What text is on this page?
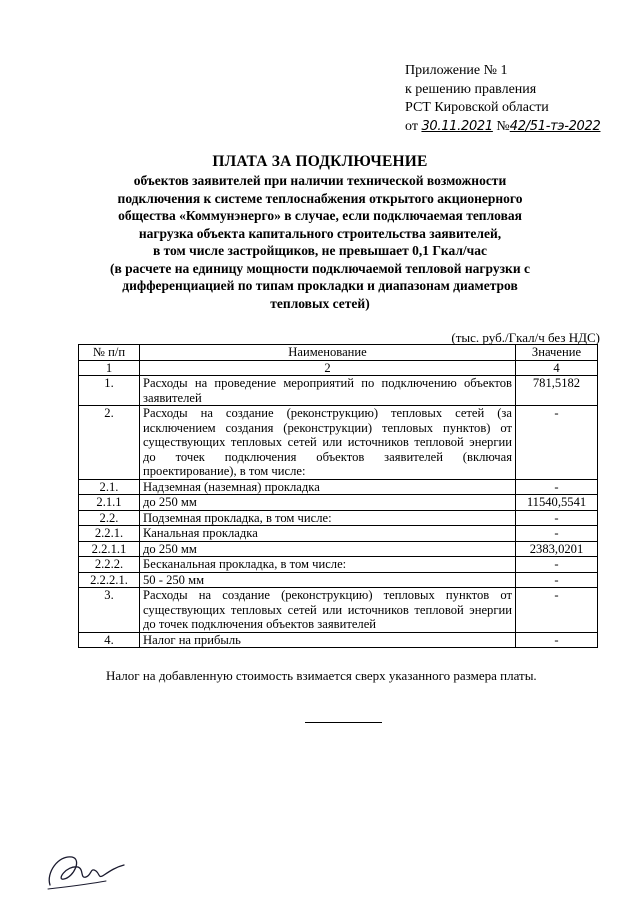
Приложение № 1
к решению правления
РСТ Кировской области
от 30.11.2021 №42/51-тэ-2022
ПЛАТА ЗА ПОДКЛЮЧЕНИЕ
объектов заявителей при наличии технической возможности
подключения к системе теплоснабжения открытого акционерного
общества «Коммунэнерго» в случае, если подключаемая тепловая
нагрузка объекта капитального строительства заявителей,
в том числе застройщиков, не превышает 0,1 Гкал/час
(в расчете на единицу мощности подключаемой тепловой нагрузки с
дифференциацией по типам прокладки и диапазонам диаметров
тепловых сетей)
(тыс. руб./Гкал/ч без НДС)
№ п/п	Наименование	Значение
1	2	4
1.	Расходы на проведение мероприятий по подключению объектов заявителей	781,5182
2.	Расходы на создание (реконструкцию) тепловых сетей (за исключением создания (реконструкции) тепловых пунктов) от существующих тепловых сетей или источников тепловой энергии до точек подключения объектов заявителей (включая проектирование), в том числе:	-
2.1.	Надземная (наземная) прокладка	-
2.1.1	до 250 мм	11540,5541
2.2.	Подземная прокладка, в том числе:	-
2.2.1.	Канальная прокладка	-
2.2.1.1	до 250 мм	2383,0201
2.2.2.	Бесканальная прокладка, в том числе:	-
2.2.2.1.	50 - 250 мм	-
3.	Расходы на создание (реконструкцию) тепловых пунктов от существующих тепловых сетей или источников тепловой энергии до точек подключения объектов заявителей	-
4.	Налог на прибыль	-
Налог на добавленную стоимость взимается сверх указанного размера платы.
